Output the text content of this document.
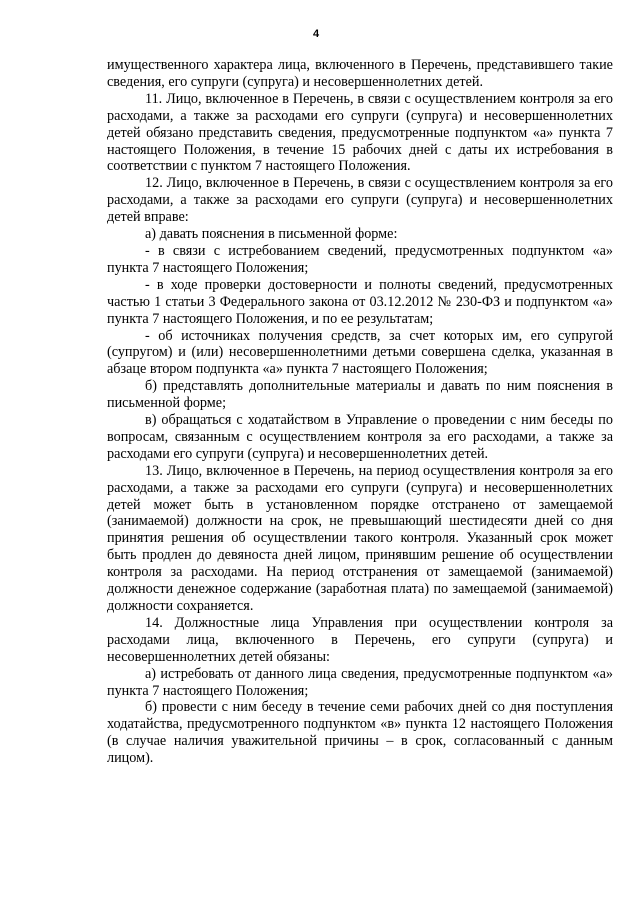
4

имущественного характера лица, включенного в Перечень, представившего такие сведения, его супруги (супруга) и несовершеннолетних детей.

11. Лицо, включенное в Перечень, в связи с осуществлением контроля за его расходами, а также за расходами его супруги (супруга) и несовершеннолетних детей обязано представить сведения, предусмотренные подпунктом «а» пункта 7 настоящего Положения, в течение 15 рабочих дней с даты их истребования в соответствии с пунктом 7 настоящего Положения.

12. Лицо, включенное в Перечень, в связи с осуществлением контроля за его расходами, а также за расходами его супруги (супруга) и несовершеннолетних детей вправе:

а) давать пояснения в письменной форме:

- в связи с истребованием сведений, предусмотренных подпунктом «а» пункта 7 настоящего Положения;

- в ходе проверки достоверности и полноты сведений, предусмотренных частью 1 статьи 3 Федерального закона от 03.12.2012 № 230-ФЗ и подпунктом «а» пункта 7 настоящего Положения, и по ее результатам;

- об источниках получения средств, за счет которых им, его супругой (супругом) и (или) несовершеннолетними детьми совершена сделка, указанная в абзаце втором подпункта «а» пункта 7 настоящего Положения;

б) представлять дополнительные материалы и давать по ним пояснения в письменной форме;

в) обращаться с ходатайством в Управление о проведении с ним беседы по вопросам, связанным с осуществлением контроля за его расходами, а также за расходами его супруги (супруга) и несовершеннолетних детей.

13. Лицо, включенное в Перечень, на период осуществления контроля за его расходами, а также за расходами его супруги (супруга) и несовершеннолетних детей может быть в установленном порядке отстранено от замещаемой (занимаемой) должности на срок, не превышающий шестидесяти дней со дня принятия решения об осуществлении такого контроля. Указанный срок может быть продлен до девяноста дней лицом, принявшим решение об осуществлении контроля за расходами. На период отстранения от замещаемой (занимаемой) должности денежное содержание (заработная плата) по замещаемой (занимаемой) должности сохраняется.

14. Должностные лица Управления при осуществлении контроля за расходами лица, включенного в Перечень, его супруги (супруга) и несовершеннолетних детей обязаны:

а) истребовать от данного лица сведения, предусмотренные подпунктом «а» пункта 7 настоящего Положения;

б) провести с ним беседу в течение семи рабочих дней со дня поступления ходатайства, предусмотренного подпунктом «в» пункта 12 настоящего Положения (в случае наличия уважительной причины – в срок, согласованный с данным лицом).
